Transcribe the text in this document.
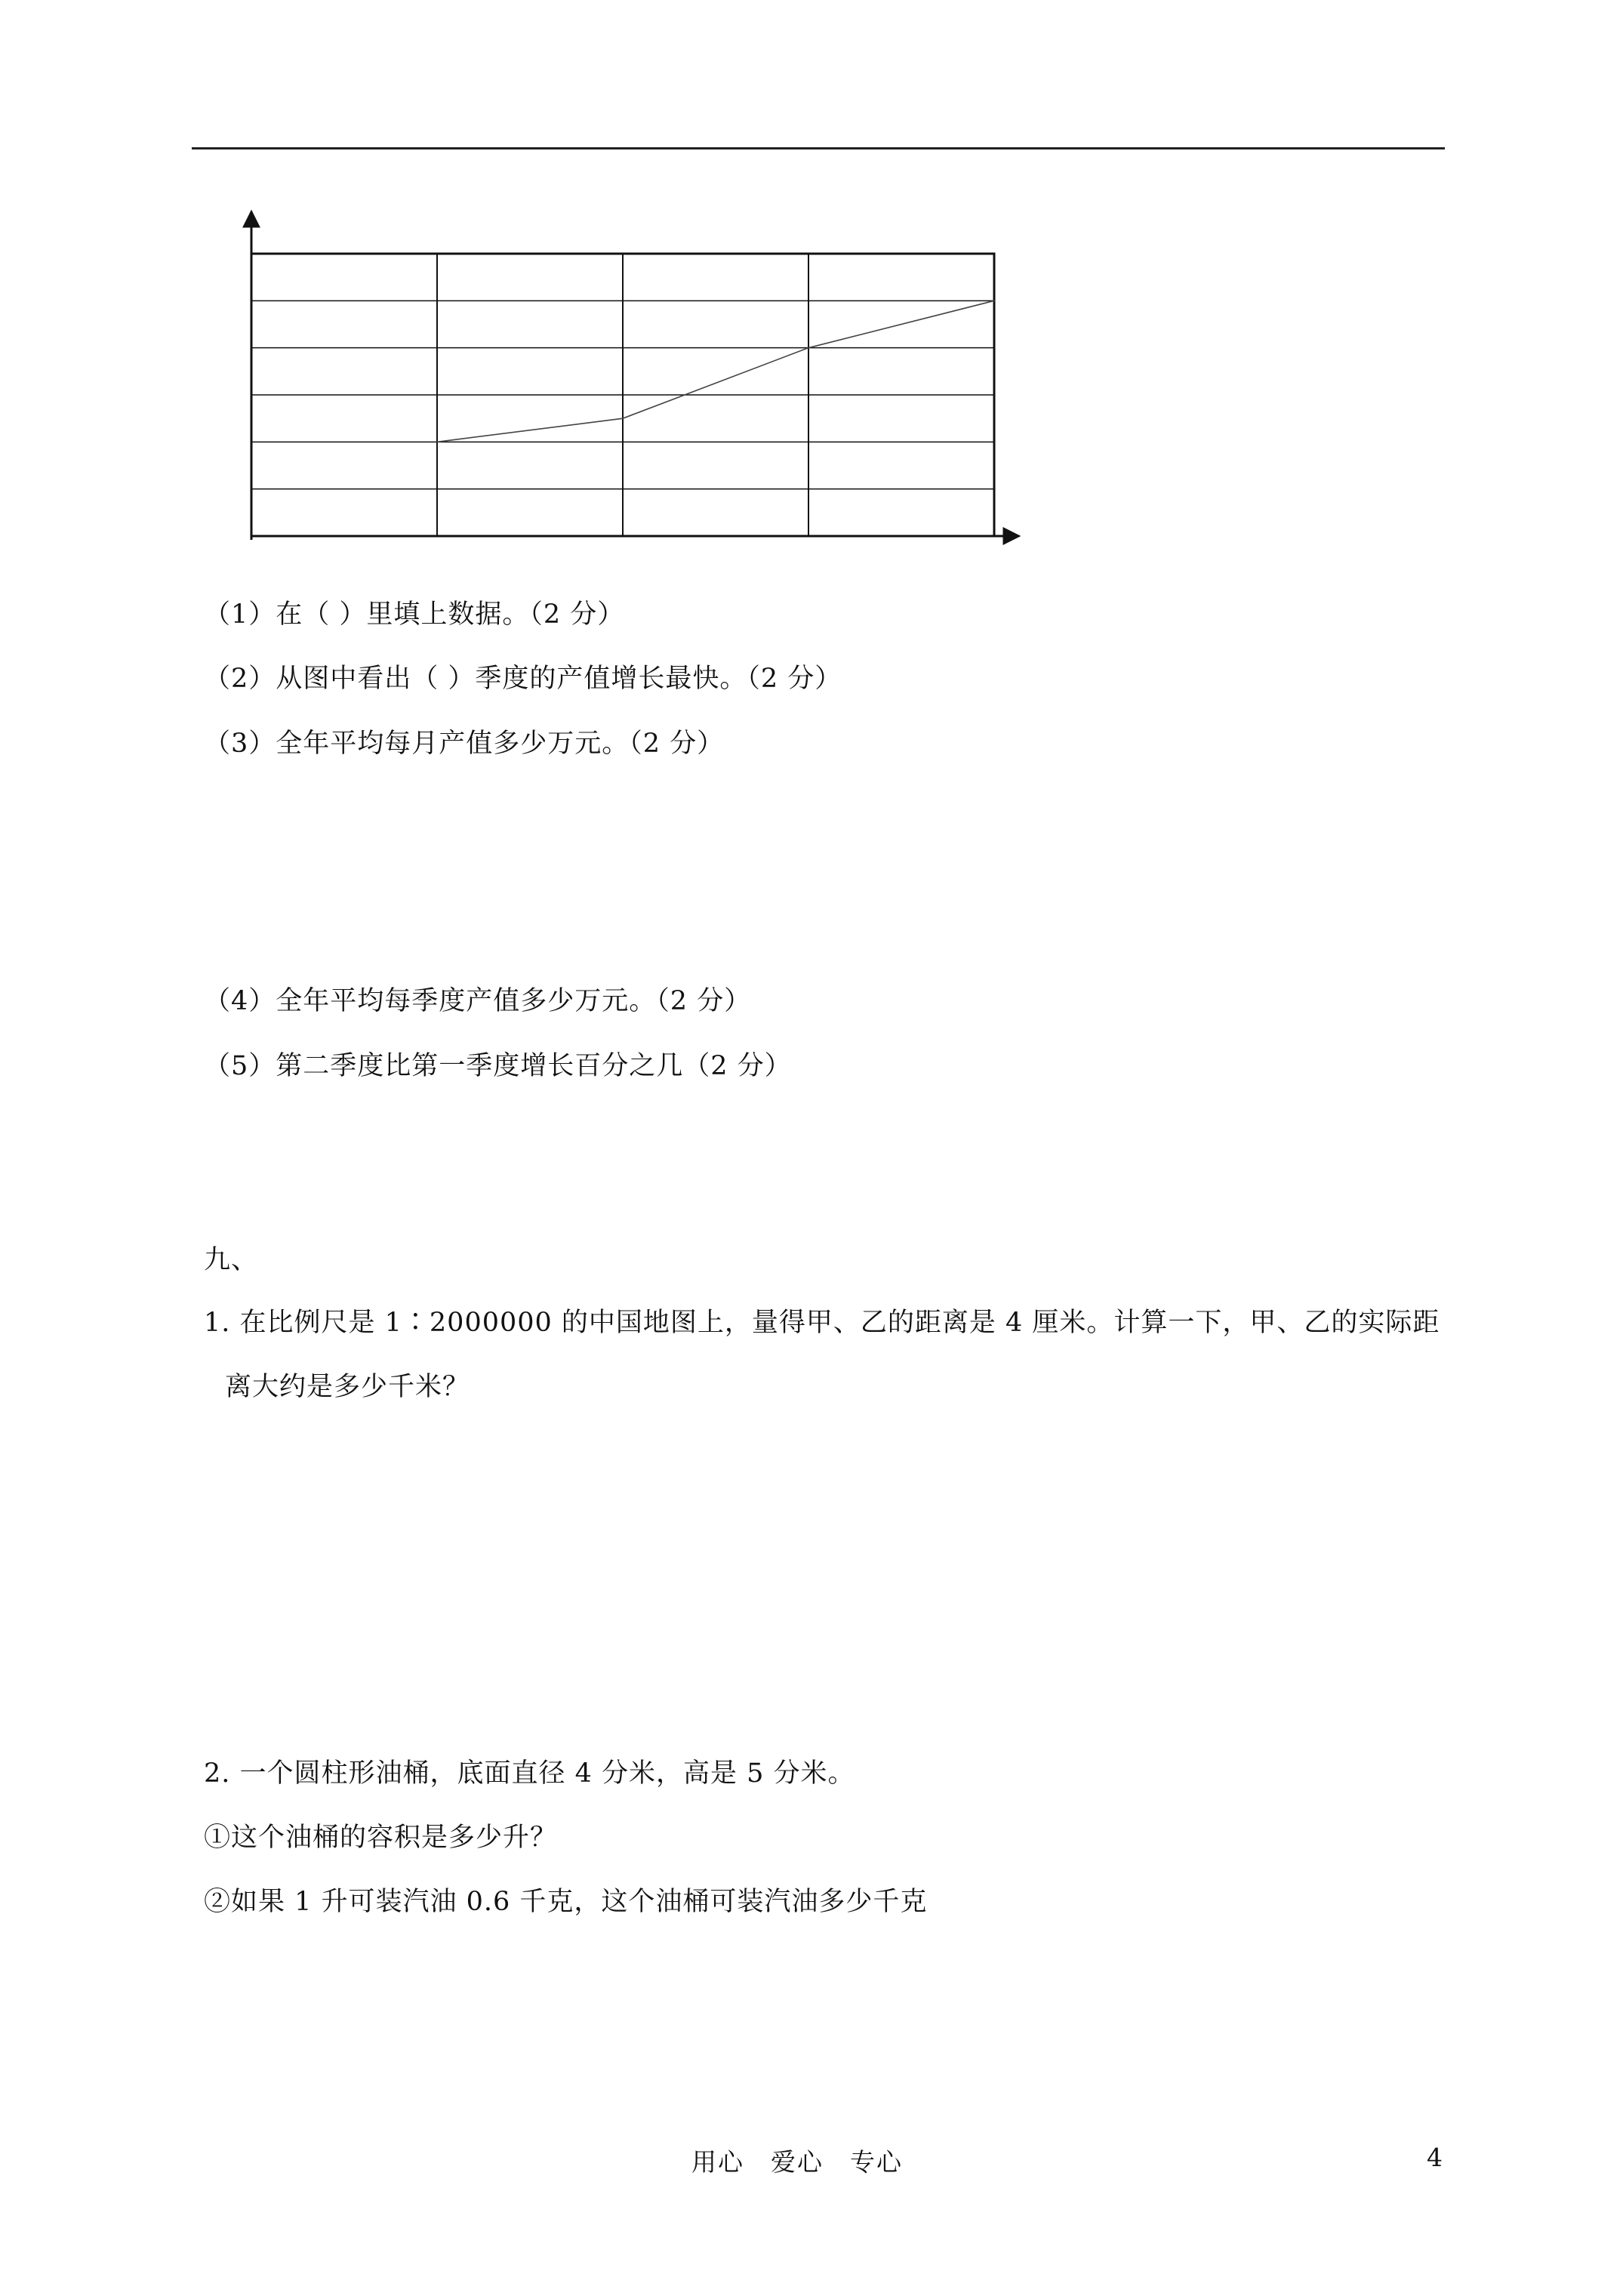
（1）在（ ）里填上数据。（2 分）
（2）从图中看出（ ）季度的产值增长最快。（2 分）
（3）全年平均每月产值多少万元。（2 分）
（4）全年平均每季度产值多少万元。（2 分）
（5）第二季度比第一季度增长百分之几（2 分）
九、
1. 在比例尺是 1∶2000000 的中国地图上，量得甲、乙的距离是 4 厘米。计算一下，甲、乙的实际距
离大约是多少千米？
2. 一个圆柱形油桶，底面直径 4 分米，高是 5 分米。
①这个油桶的容积是多少升？
②如果 1 升可装汽油 0.6 千克，这个油桶可装汽油多少千克
用心　爱心　专心	4
